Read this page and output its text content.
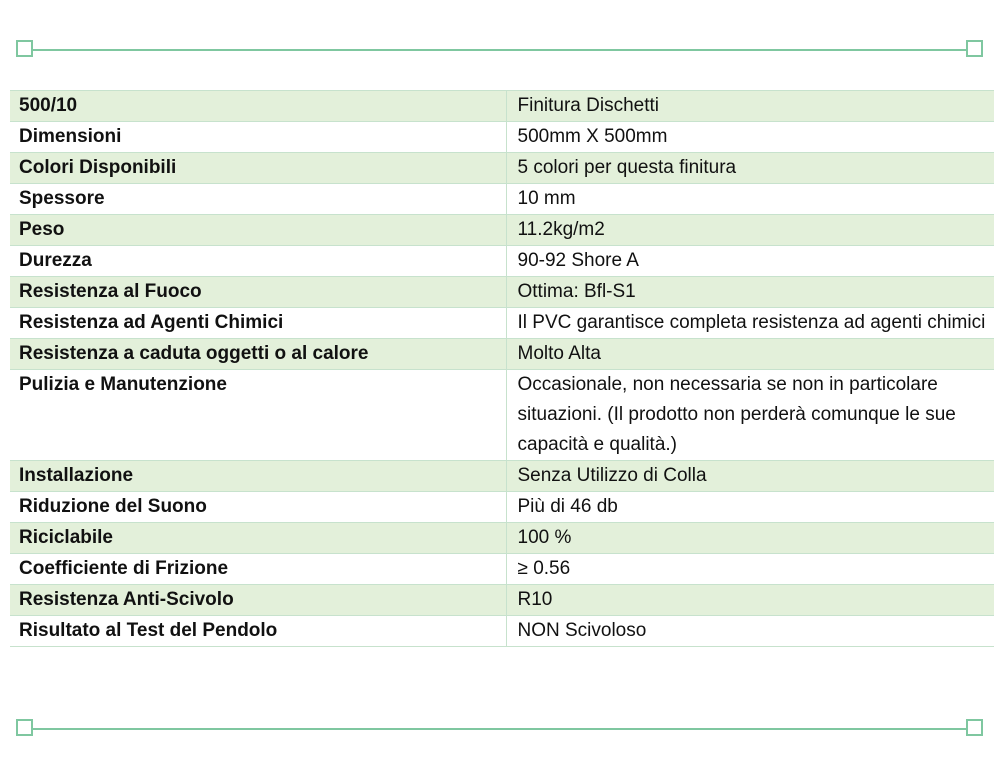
500/10	Finitura Dischetti
Dimensioni	500mm X 500mm
Colori Disponibili	5 colori per questa finitura
Spessore	10 mm
Peso	11.2kg/m2
Durezza	90-92 Shore A
Resistenza al Fuoco	Ottima: Bfl-S1
Resistenza ad Agenti Chimici	Il PVC garantisce completa resistenza ad agenti chimici
Resistenza a caduta oggetti o al calore	Molto Alta
Pulizia e Manutenzione	Occasionale, non necessaria se non in particolare situazioni. (Il prodotto non perderà comunque le sue capacità e qualità.)
Installazione	Senza Utilizzo di Colla
Riduzione del Suono	Più di 46 db
Riciclabile	100 %
Coefficiente di Frizione	≥ 0.56
Resistenza Anti-Scivolo	R10
Risultato al Test del Pendolo	NON Scivoloso
